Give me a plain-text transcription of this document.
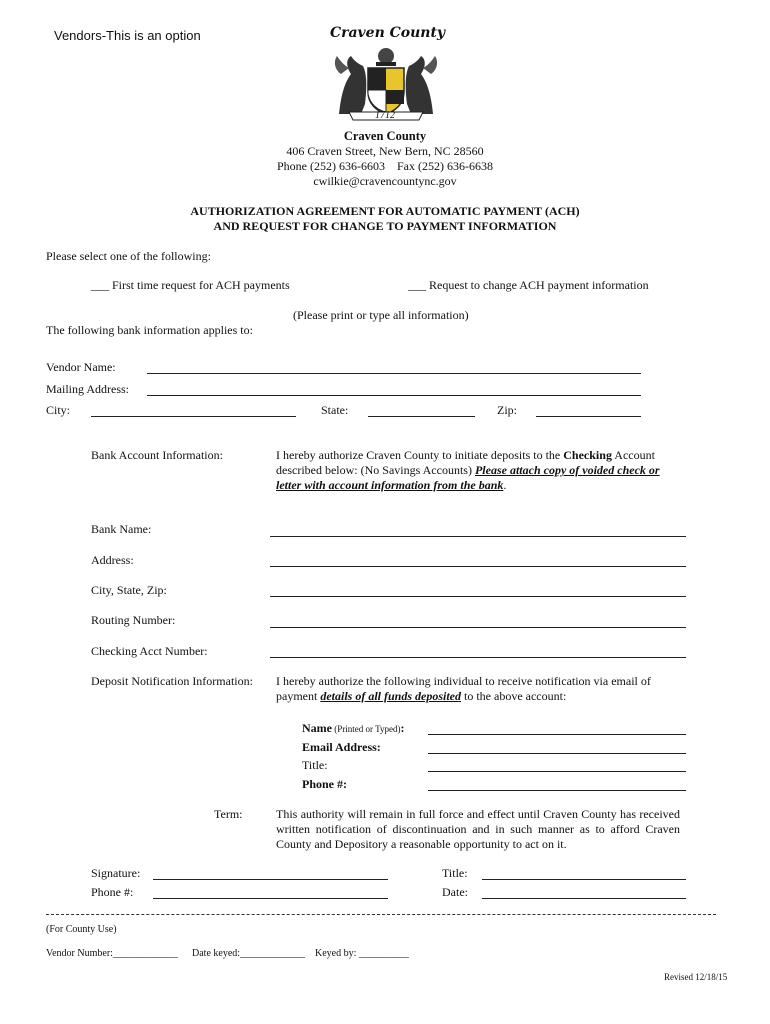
Vendors-This is an option	Craven County
1712
Craven County
406 Craven Street, New Bern, NC 28560
Phone (252) 636-6603    Fax (252) 636-6638
cwilkie@cravencountync.gov
AUTHORIZATION AGREEMENT FOR AUTOMATIC PAYMENT (ACH)
AND REQUEST FOR CHANGE TO PAYMENT INFORMATION
Please select one of the following:
___ First time request for ACH payments	___ Request to change ACH payment information
(Please print or type all information)
The following bank information applies to:
Vendor Name:
Mailing Address:
City:	State:	Zip:
Bank Account Information:	I hereby authorize Craven County to initiate deposits to the Checking Account described below: (No Savings Accounts) Please attach copy of voided check or letter with account information from the bank.
Bank Name:
Address:
City, State, Zip:
Routing Number:
Checking Acct Number:
Deposit Notification Information: I hereby authorize the following individual to receive notification via email of payment details of all funds deposited to the above account:
Name (Printed or Typed):
Email Address:
Title:
Phone #:
Term:	This authority will remain in full force and effect until Craven County has received written notification of discontinuation and in such manner as to afford Craven County and Depository a reasonable opportunity to act on it.
Signature:
Phone #:
Title:
Date:
(For County Use)
Vendor Number:_____________ Date keyed:_____________ Keyed by: __________
Revised 12/18/15
